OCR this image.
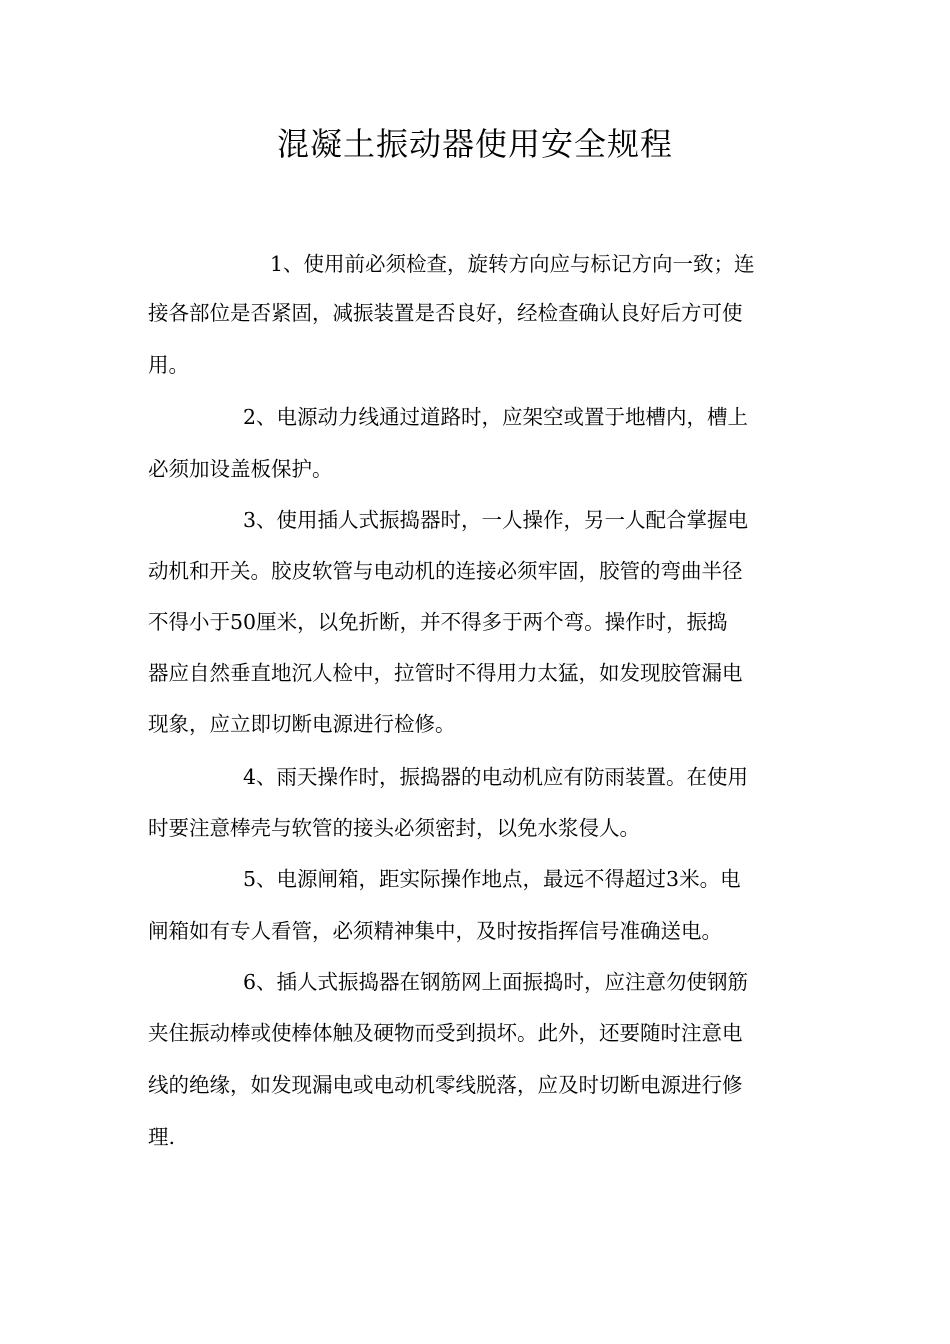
混凝土振动器使用安全规程
1、使用前必须检查，旋转方向应与标记方向一致；连
接各部位是否紧固，减振装置是否良好，经检查确认良好后方可使
用。
2、电源动力线通过道路时，应架空或置于地槽内，槽上
必须加设盖板保护。
3、使用插人式振捣器时，一人操作，另一人配合掌握电
动机和开关。胶皮软管与电动机的连接必须牢固，胶管的弯曲半径
不得小于50厘米，以免折断，并不得多于两个弯。操作时，振捣
器应自然垂直地沉人检中，拉管时不得用力太猛，如发现胶管漏电
现象，应立即切断电源进行检修。
4、雨天操作时，振捣器的电动机应有防雨装置。在使用
时要注意棒壳与软管的接头必须密封，以免水浆侵人。
5、电源闸箱，距实际操作地点，最远不得超过3米。电
闸箱如有专人看管，必须精神集中，及时按指挥信号准确送电。
6、插人式振捣器在钢筋网上面振捣时，应注意勿使钢筋
夹住振动棒或使棒体触及硬物而受到损坏。此外，还要随时注意电
线的绝缘，如发现漏电或电动机零线脱落，应及时切断电源进行修
理.
